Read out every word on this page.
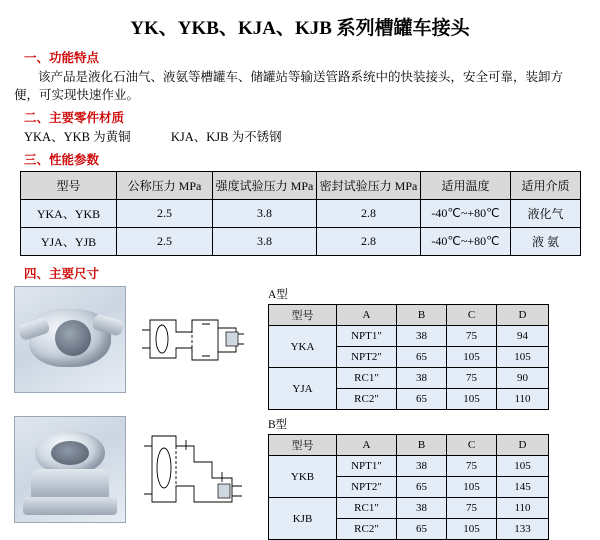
YK、YKB、KJA、KJB 系列槽罐车接头
一、功能特点
该产品是液化石油气、液氨等槽罐车、储罐站等输送管路系统中的快装接头，安全可靠，装卸方便，可实现快速作业。
二、主要零件材质
YKA、YKB 为黄铜	KJA、KJB 为不锈钢
三、性能参数
型号	公称压力 MPa	强度试验压力 MPa	密封试验压力 MPa	适用温度	适用介质
YKA、YKB	2.5	3.8	2.8	-40℃~+80℃	液化气
YJA、YJB	2.5	3.8	2.8	-40℃~+80℃	液 氨
四、主要尺寸
A型
型号	A	B	C	D
YKA	NPT1"	38	75	94
	NPT2"	65	105	105
YJA	RC1"	38	75	90
	RC2"	65	105	110
B型
型号	A	B	C	D
YKB	NPT1"	38	75	105
	NPT2"	65	105	145
KJB	RC1"	38	75	110
	RC2"	65	105	133
